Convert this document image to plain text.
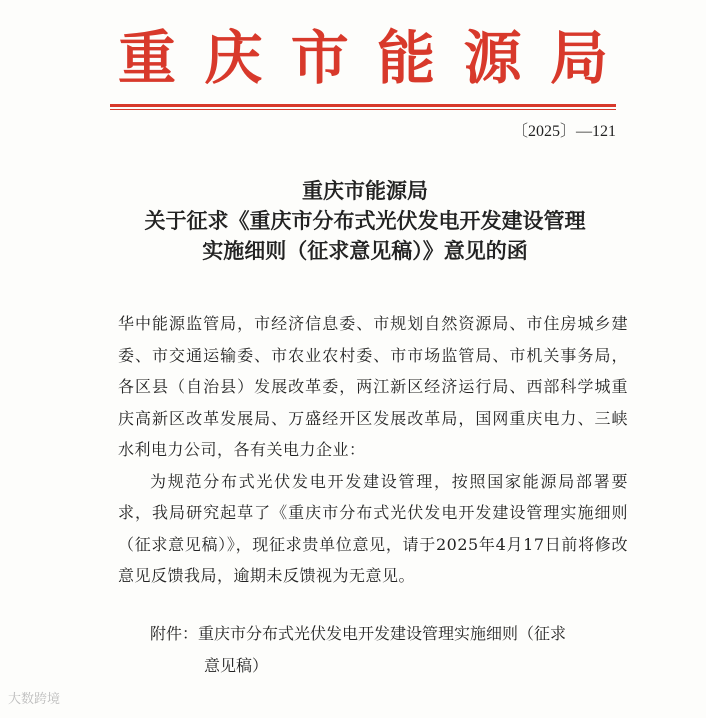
重 庆 市 能 源 局
〔2025〕—121
重庆市能源局
关于征求《重庆市分布式光伏发电开发建设管理
实施细则（征求意见稿）》意见的函

华中能源监管局，市经济信息委、市规划自然资源局、市住房城乡建委、市交通运输委、市农业农村委、市市场监管局、市机关事务局，各区县（自治县）发展改革委，两江新区经济运行局、西部科学城重庆高新区改革发展局、万盛经开区发展改革局，国网重庆电力、三峡水利电力公司，各有关电力企业：

为规范分布式光伏发电开发建设管理，按照国家能源局部署要求，我局研究起草了《重庆市分布式光伏发电开发建设管理实施细则（征求意见稿）》，现征求贵单位意见，请于2025年4月17日前将修改意见反馈我局，逾期未反馈视为无意见。

附件：重庆市分布式光伏发电开发建设管理实施细则（征求
意见稿）
大数跨境
